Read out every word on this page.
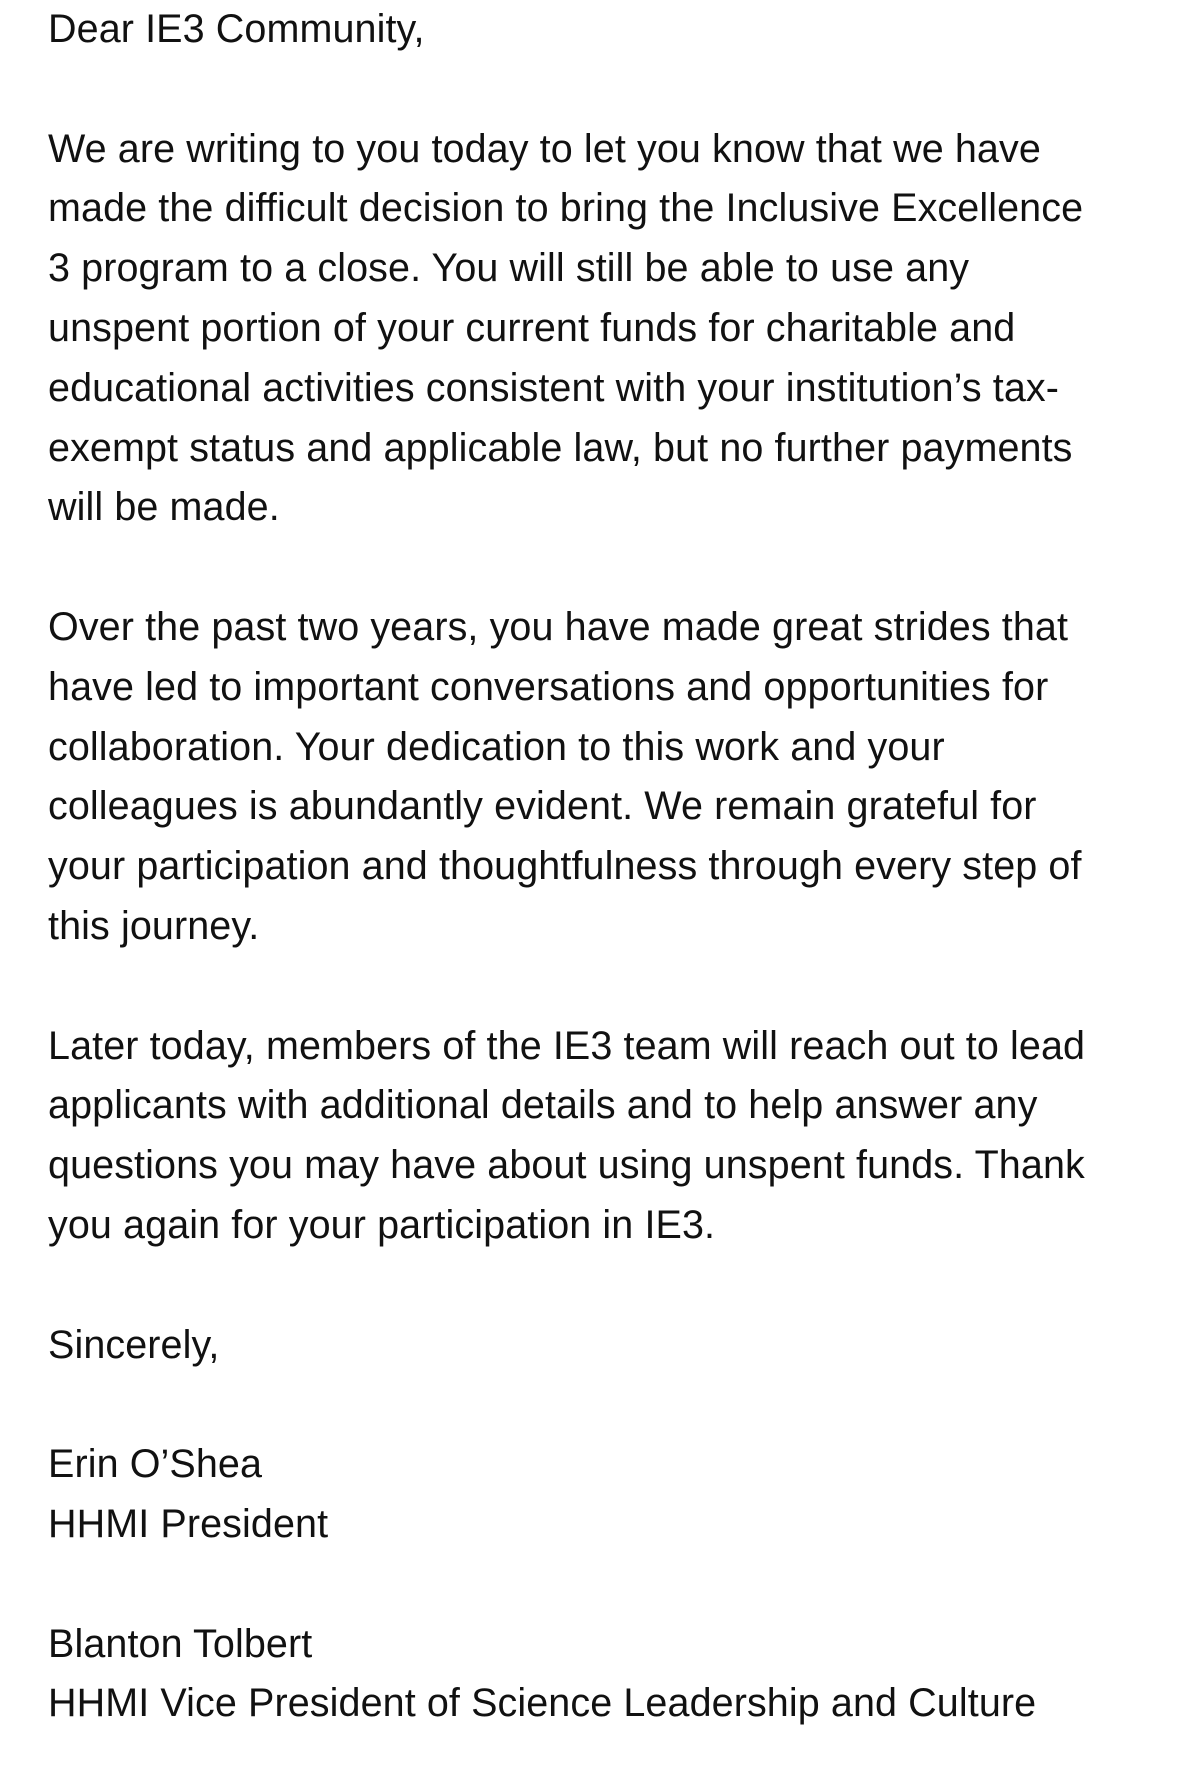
Dear IE3 Community,
We are writing to you today to let you know that we have
made the difficult decision to bring the Inclusive Excellence
3 program to a close. You will still be able to use any
unspent portion of your current funds for charitable and
educational activities consistent with your institution’s tax-
exempt status and applicable law, but no further payments
will be made.
Over the past two years, you have made great strides that
have led to important conversations and opportunities for
collaboration. Your dedication to this work and your
colleagues is abundantly evident. We remain grateful for
your participation and thoughtfulness through every step of
this journey.
Later today, members of the IE3 team will reach out to lead
applicants with additional details and to help answer any
questions you may have about using unspent funds. Thank
you again for your participation in IE3.
Sincerely,
Erin O’Shea
HHMI President
Blanton Tolbert
HHMI Vice President of Science Leadership and Culture
